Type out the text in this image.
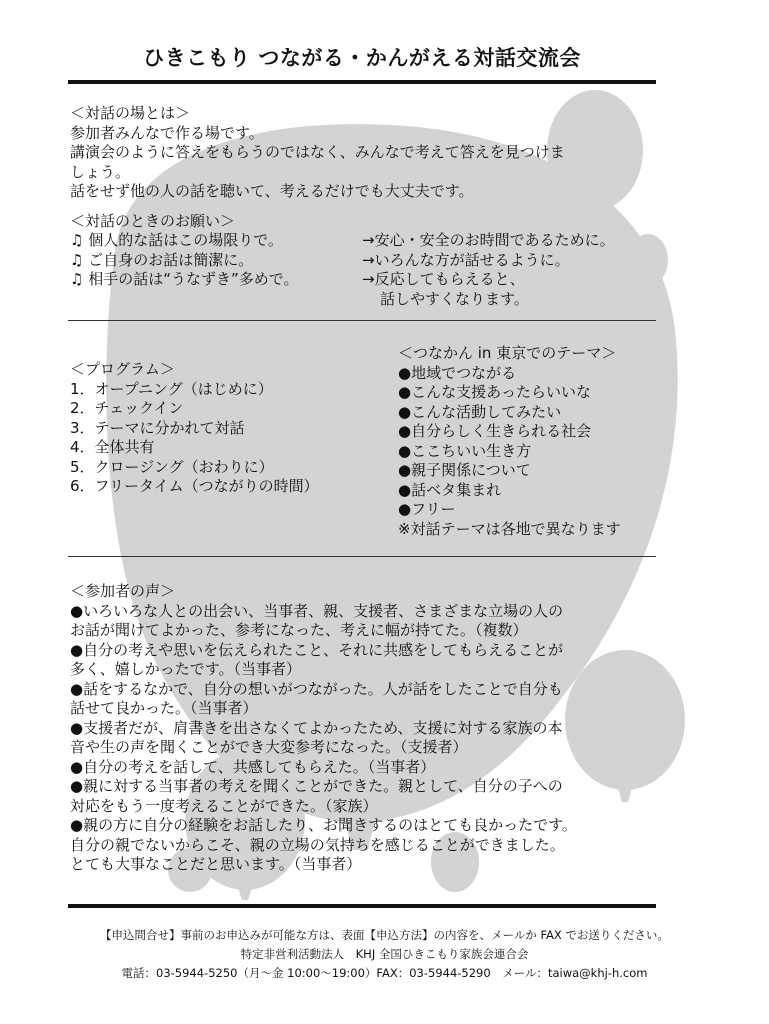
ひきこもり つながる・かんがえる対話交流会
＜対話の場とは＞
参加者みんなで作る場です。
講演会のように答えをもらうのではなく、みんなで考えて答えを見つけま
しょう。
話をせず他の人の話を聴いて、考えるだけでも大丈夫です。
＜対話のときのお願い＞
♫ 個人的な話はこの場限りで。
♫ ご自身のお話は簡潔に。
♫ 相手の話は“うなずき”多めで。
→安心・安全のお時間であるために。
→いろんな方が話せるように。
→反応してもらえると、
話しやすくなります。
＜プログラム＞
1．オープニング（はじめに）
2．チェックイン
3．テーマに分かれて対話
4．全体共有
5．クロージング（おわりに）
6．フリータイム（つながりの時間）
＜つなかん in 東京でのテーマ＞
●地域でつながる
●こんな支援あったらいいな
●こんな活動してみたい
●自分らしく生きられる社会
●ここちいい生き方
●親子関係について
●話ベタ集まれ
●フリー
※対話テーマは各地で異なります
＜参加者の声＞
●いろいろな人との出会い、当事者、親、支援者、さまざまな立場の人の
お話が聞けてよかった、参考になった、考えに幅が持てた。（複数）
●自分の考えや思いを伝えられたこと、それに共感をしてもらえることが
多く、嬉しかったです。（当事者）
●話をするなかで、自分の想いがつながった。人が話をしたことで自分も
話せて良かった。（当事者）
●支援者だが、肩書きを出さなくてよかったため、支援に対する家族の本
音や生の声を聞くことができ大変参考になった。（支援者）
●自分の考えを話して、共感してもらえた。（当事者）
●親に対する当事者の考えを聞くことができた。親として、自分の子への
対応をもう一度考えることができた。（家族）
●親の方に自分の経験をお話したり、お聞きするのはとても良かったです。
自分の親でないからこそ、親の立場の気持ちを感じることができました。
とても大事なことだと思います。（当事者）
【申込問合せ】事前のお申込みが可能な方は、表面【申込方法】の内容を、メールか FAX でお送りください。
特定非営利活動法人　KHJ 全国ひきこもり家族会連合会
電話：03-5944-5250（月～金 10:00～19:00）FAX：03-5944-5290　メール：taiwa@khj-h.com
